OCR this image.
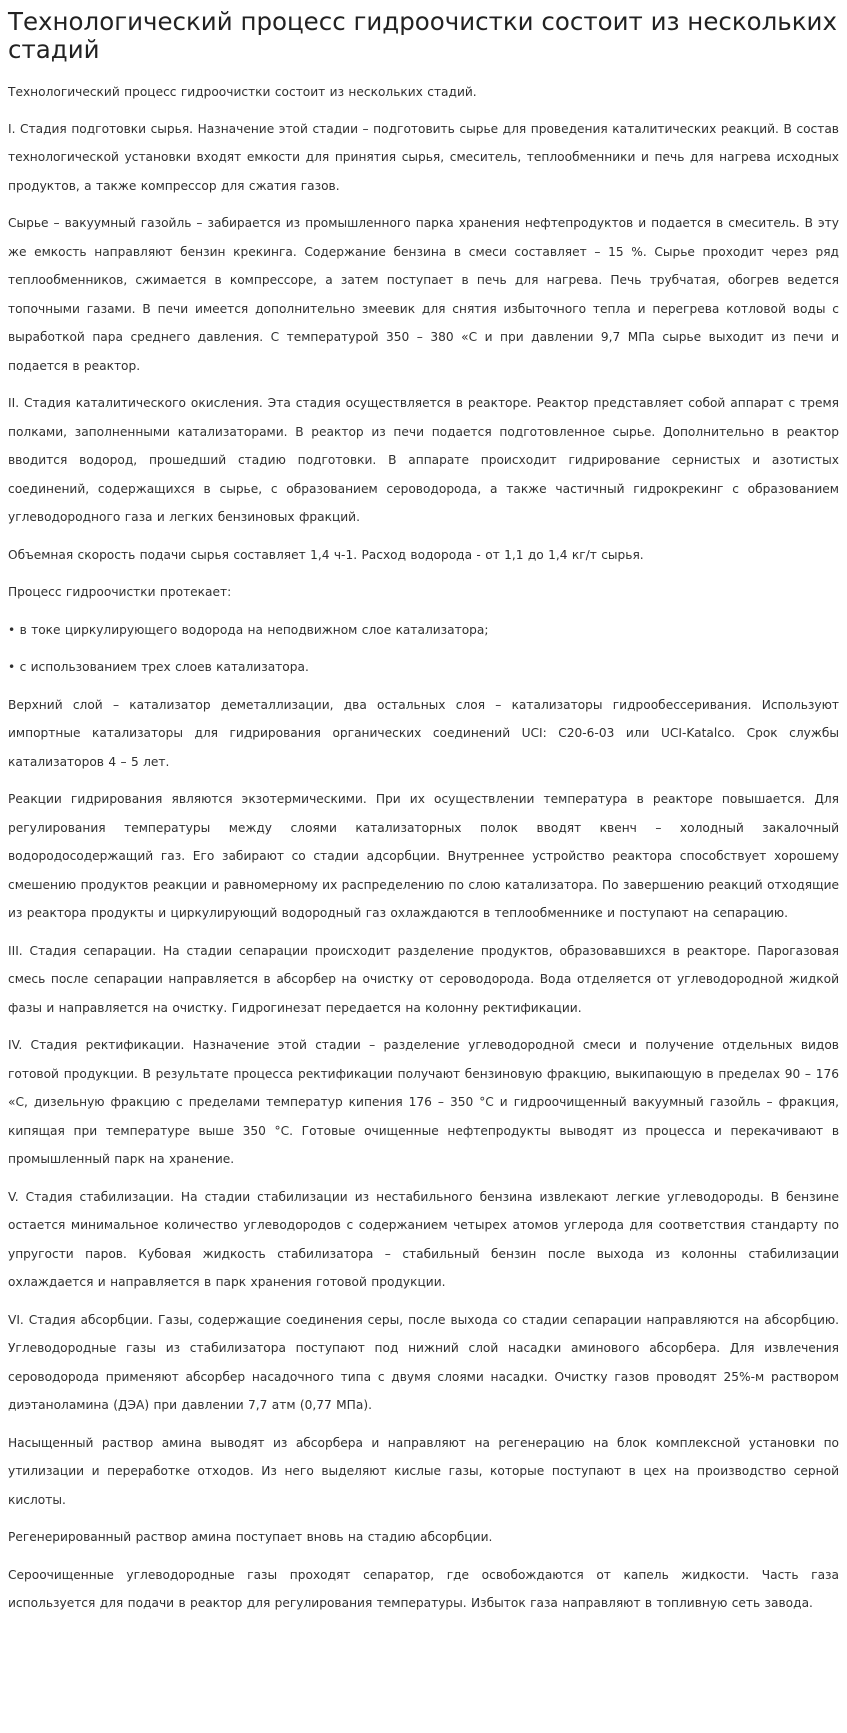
Технологический процесс гидроочистки состоит из нескольких стадий

Технологический процесс гидроочистки состоит из нескольких стадий.

I. Стадия подготовки сырья. Назначение этой стадии – подготовить сырье для проведения каталитических реакций. В состав технологической установки входят емкости для принятия сырья, смеситель, теплообменники и печь для нагрева исходных продуктов, а также компрессор для сжатия газов.

Сырье – вакуумный газойль – забирается из промышленного парка хранения нефтепродуктов и подается в смеситель. В эту же емкость направляют бензин крекинга. Содержание бензина в смеси составляет – 15 %. Сырье проходит через ряд теплообменников, сжимается в компрессоре, а затем поступает в печь для нагрева. Печь трубчатая, обогрев ведется топочными газами. В печи имеется дополнительно змеевик для снятия избыточного тепла и перегрева котловой воды с выработкой пара среднего давления. С температурой 350 – 380 «С и при давлении 9,7 МПа сырье выходит из печи и подается в реактор.

II. Стадия каталитического окисления. Эта стадия осуществляется в реакторе. Реактор представляет собой аппарат с тремя полками, заполненными катализаторами. В реактор из печи подается подготовленное сырье. Дополнительно в реактор вводится водород, прошедший стадию подготовки. В аппарате происходит гидрирование сернистых и азотистых соединений, содержащихся в сырье, с образованием сероводорода, а также частичный гидрокрекинг с образованием углеводородного газа и легких бензиновых фракций.

Объемная скорость подачи сырья составляет 1,4 ч-1. Расход водорода - от 1,1 до 1,4 кг/т сырья.

Процесс гидроочистки протекает:

• в токе циркулирующего водорода на неподвижном слое катализатора;

• с использованием трех слоев катализатора.

Верхний слой – катализатор деметаллизации, два остальных слоя – катализаторы гидрообессеривания. Используют импортные катализаторы для гидрирования органических соединений UCI: C20-6-03 или UCI-Katalco. Срок службы катализаторов 4 – 5 лет.

Реакции гидрирования являются экзотермическими. При их осуществлении температура в реакторе повышается. Для регулирования температуры между слоями катализаторных полок вводят квенч – холодный закалочный водородосодержащий газ. Его забирают со стадии адсорбции. Внутреннее устройство реактора способствует хорошему смешению продуктов реакции и равномерному их распределению по слою катализатора. По завершению реакций отходящие из реактора продукты и циркулирующий водородный газ охлаждаются в теплообменнике и поступают на сепарацию.

III. Стадия сепарации. На стадии сепарации происходит разделение продуктов, образовавшихся в реакторе. Парогазовая смесь после сепарации направляется в абсорбер на очистку от сероводорода. Вода отделяется от углеводородной жидкой фазы и направляется на очистку. Гидрогинезат передается на колонну ректификации.

IV. Стадия ректификации. Назначение этой стадии – разделение углеводородной смеси и получение отдельных видов готовой продукции. В результате процесса ректификации получают бензиновую фракцию, выкипающую в пределах 90 – 176 «С, дизельную фракцию с пределами температур кипения 176 – 350 °С и гидроочищенный вакуумный газойль – фракция, кипящая при температуре выше 350 °С. Готовые очищенные нефтепродукты выводят из процесса и перекачивают в промышленный парк на хранение.

V. Стадия стабилизации. На стадии стабилизации из нестабильного бензина извлекают легкие углеводороды. В бензине остается минимальное количество углеводородов с содержанием четырех атомов углерода для соответствия стандарту по упругости паров. Кубовая жидкость стабилизатора – стабильный бензин после выхода из колонны стабилизации охлаждается и направляется в парк хранения готовой продукции.

VI. Стадия абсорбции. Газы, содержащие соединения серы, после выхода со стадии сепарации направляются на абсорбцию. Углеводородные газы из стабилизатора поступают под нижний слой насадки аминового абсорбера. Для извлечения сероводорода применяют абсорбер насадочного типа с двумя слоями насадки. Очистку газов проводят 25%-м раствором диэтаноламина (ДЭА) при давлении 7,7 атм (0,77 МПа).

Насыщенный раствор амина выводят из абсорбера и направляют на регенерацию на блок комплексной установки по утилизации и переработке отходов. Из него выделяют кислые газы, которые поступают в цех на производство серной кислоты.

Регенерированный раствор амина поступает вновь на стадию абсорбции.

Сероочищенные углеводородные газы проходят сепаратор, где освобождаются от капель жидкости. Часть газа используется для подачи в реактор для регулирования температуры. Избыток газа направляют в топливную сеть завода.
